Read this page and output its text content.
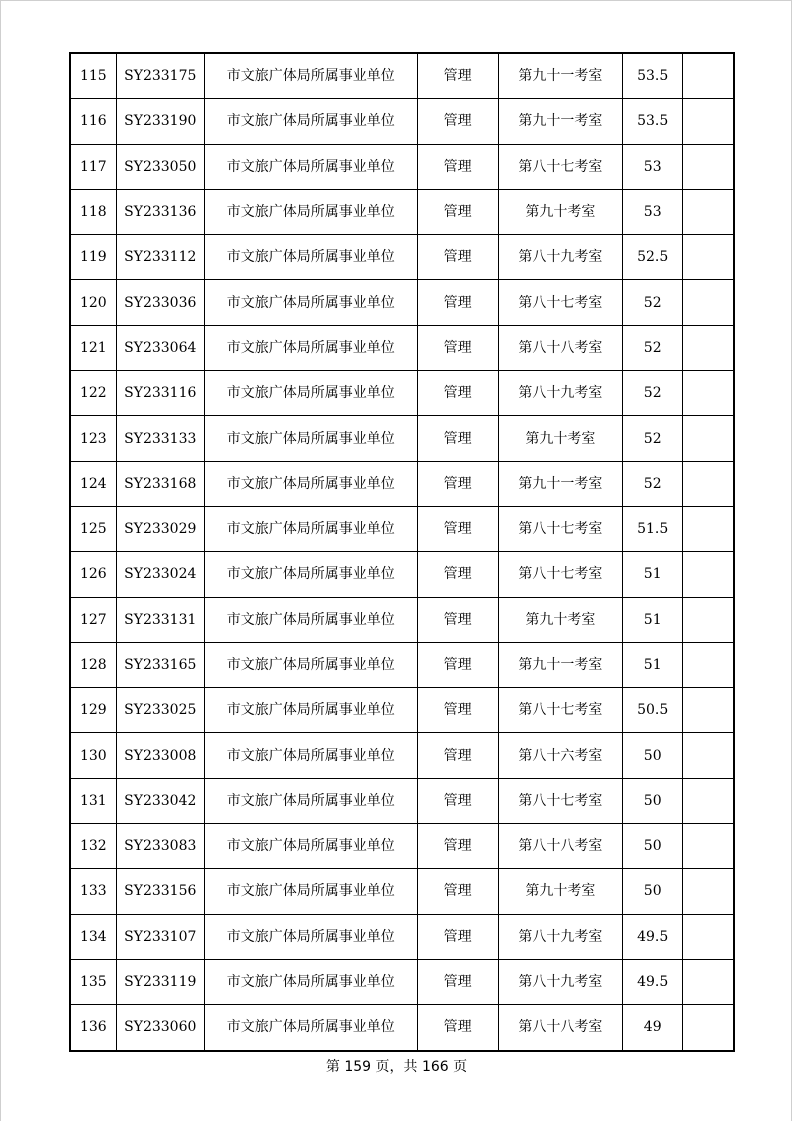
115	SY233175	市文旅广体局所属事业单位	管理	第九十一考室	53.5	
116	SY233190	市文旅广体局所属事业单位	管理	第九十一考室	53.5	
117	SY233050	市文旅广体局所属事业单位	管理	第八十七考室	53	
118	SY233136	市文旅广体局所属事业单位	管理	第九十考室	53	
119	SY233112	市文旅广体局所属事业单位	管理	第八十九考室	52.5	
120	SY233036	市文旅广体局所属事业单位	管理	第八十七考室	52	
121	SY233064	市文旅广体局所属事业单位	管理	第八十八考室	52	
122	SY233116	市文旅广体局所属事业单位	管理	第八十九考室	52	
123	SY233133	市文旅广体局所属事业单位	管理	第九十考室	52	
124	SY233168	市文旅广体局所属事业单位	管理	第九十一考室	52	
125	SY233029	市文旅广体局所属事业单位	管理	第八十七考室	51.5	
126	SY233024	市文旅广体局所属事业单位	管理	第八十七考室	51	
127	SY233131	市文旅广体局所属事业单位	管理	第九十考室	51	
128	SY233165	市文旅广体局所属事业单位	管理	第九十一考室	51	
129	SY233025	市文旅广体局所属事业单位	管理	第八十七考室	50.5	
130	SY233008	市文旅广体局所属事业单位	管理	第八十六考室	50	
131	SY233042	市文旅广体局所属事业单位	管理	第八十七考室	50	
132	SY233083	市文旅广体局所属事业单位	管理	第八十八考室	50	
133	SY233156	市文旅广体局所属事业单位	管理	第九十考室	50	
134	SY233107	市文旅广体局所属事业单位	管理	第八十九考室	49.5	
135	SY233119	市文旅广体局所属事业单位	管理	第八十九考室	49.5	
136	SY233060	市文旅广体局所属事业单位	管理	第八十八考室	49	
第 159 页，共 166 页
